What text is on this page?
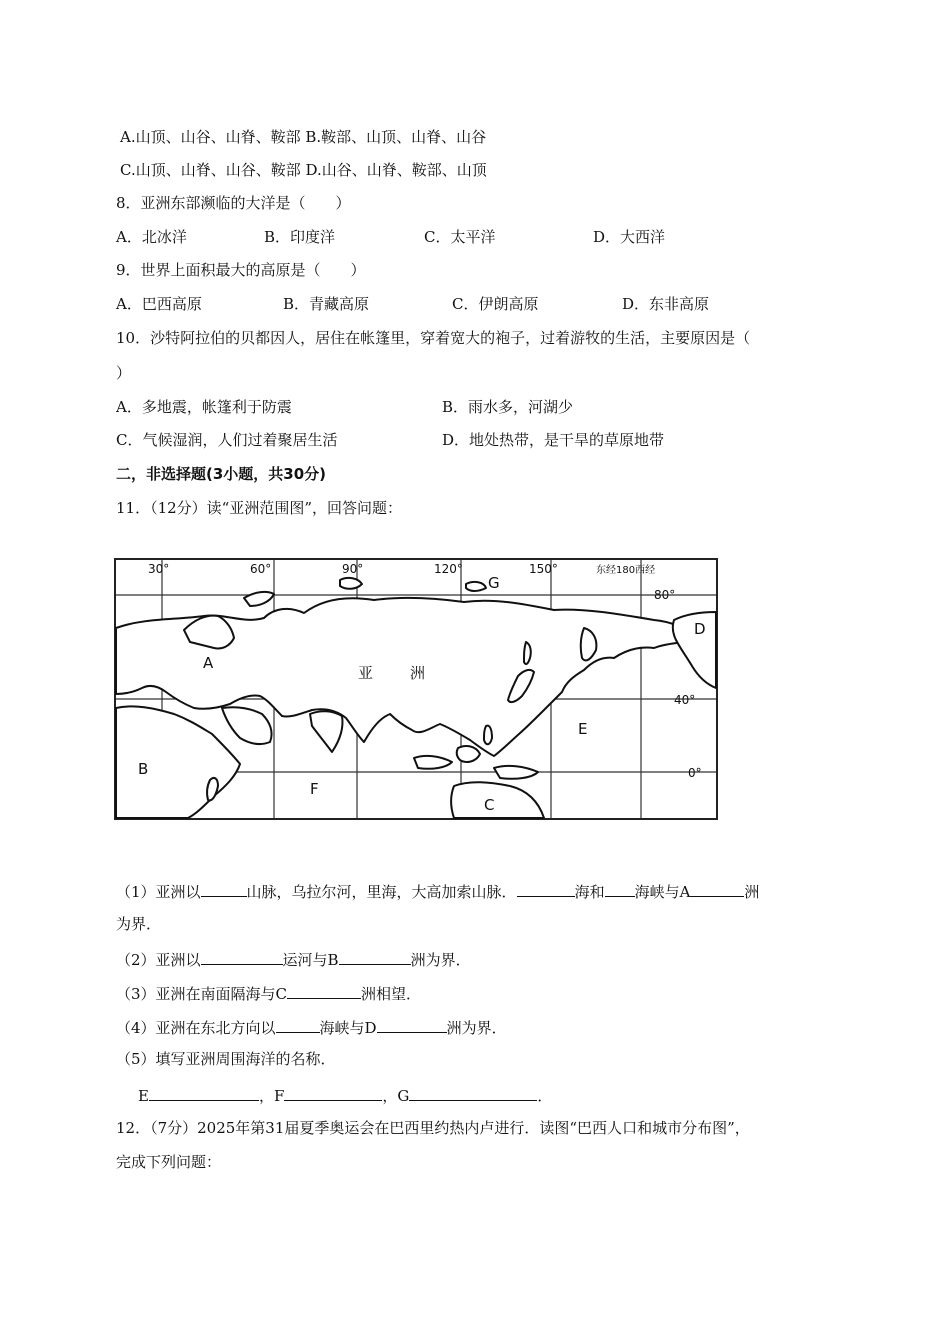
A.山顶、山谷、山脊、鞍部 B.鞍部、山顶、山脊、山谷
C.山顶、山脊、山谷、鞍部 D.山谷、山脊、鞍部、山顶
8．亚洲东部濒临的大洋是（　　）
A．北冰洋	B．印度洋	C．太平洋	D．大西洋
9．世界上面积最大的高原是（　　）
A．巴西高原	B．青藏高原	C．伊朗高原	D．东非高原
10．沙特阿拉伯的贝都因人，居住在帐篷里，穿着宽大的袍子，过着游牧的生活，主要原因是（
）
A．多地震，帐篷利于防震	B．雨水多，河湖少
C．气候湿润，人们过着聚居生活	D．地处热带，是干旱的草原地带
二，非选择题(3小题，共30分)
11．（12分）读“亚洲范围图”，回答问题：
30°	60°	90°	120°	150°	东经180西经
80°
40°
0°
A
B
C
D
E
F
G
亚 洲
（1）亚洲以	山脉，乌拉尔河，里海，大高加索山脉．	海和 海峡与A	洲
为界．
（2）亚洲以	运河与B	洲为界．
（3）亚洲在南面隔海与C	洲相望．
（4）亚洲在东北方向以	海峡与D	洲为界．
（5）填写亚洲周围海洋的名称．
E	，F	，G	．
12．（7分）2025年第31届夏季奥运会在巴西里约热内卢进行．读图“巴西人口和城市分布图”，
完成下列问题：
